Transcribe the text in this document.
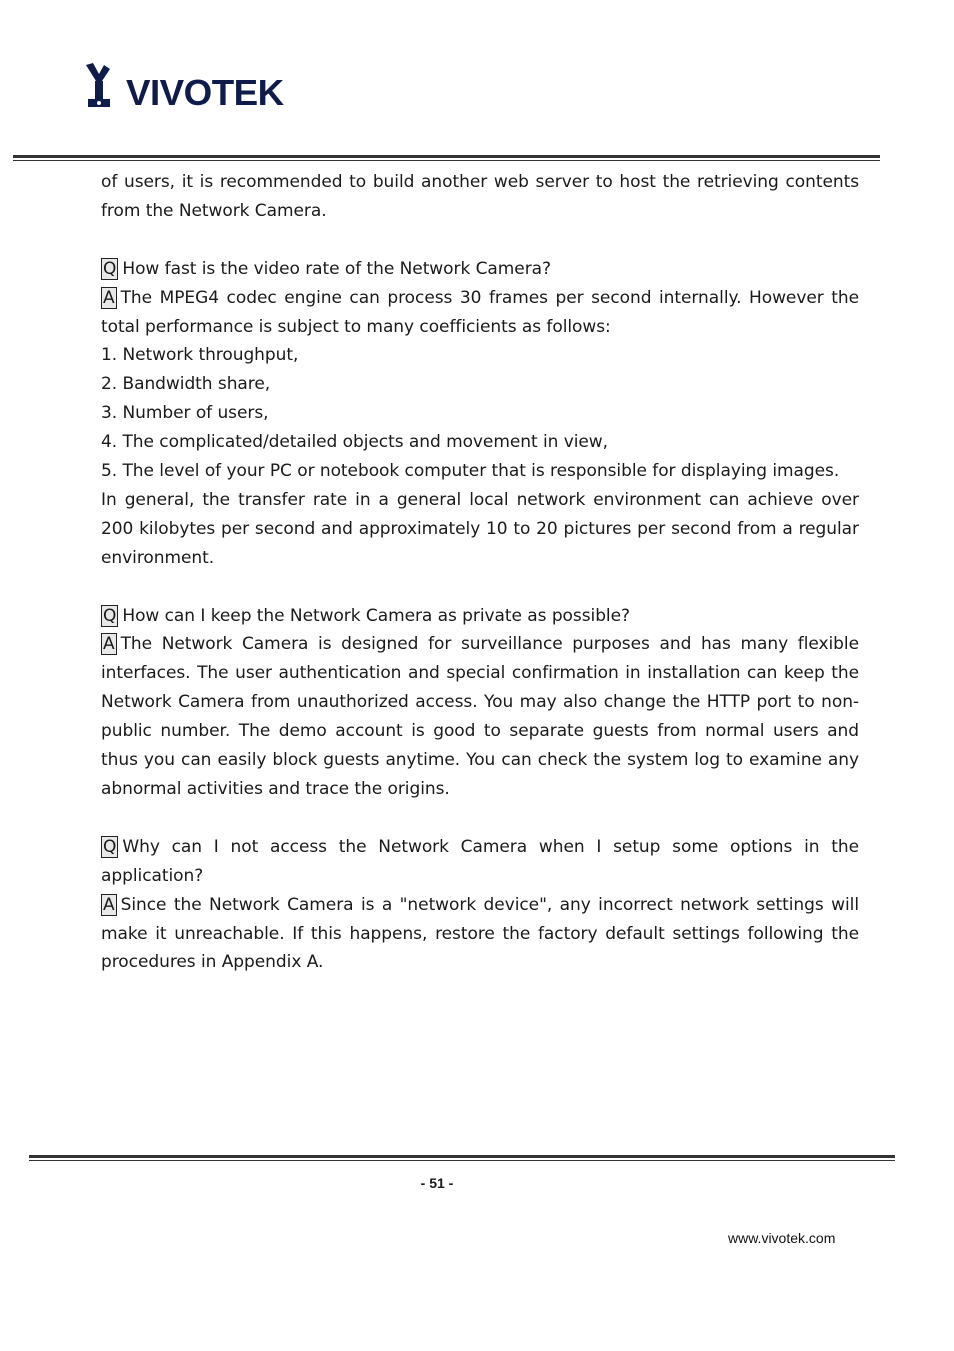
VIVOTEK

of users, it is recommended to build another web server to host the retrieving contents from the Network Camera.

Q How fast is the video rate of the Network Camera?

A The MPEG4 codec engine can process 30 frames per second internally. However the total performance is subject to many coefficients as follows:

1. Network throughput,

2. Bandwidth share,

3. Number of users,

4. The complicated/detailed objects and movement in view,

5. The level of your PC or notebook computer that is responsible for displaying images.

In general, the transfer rate in a general local network environment can achieve over 200 kilobytes per second and approximately 10 to 20 pictures per second from a regular environment.

Q How can I keep the Network Camera as private as possible?

A The Network Camera is designed for surveillance purposes and has many flexible interfaces. The user authentication and special confirmation in installation can keep the Network Camera from unauthorized access. You may also change the HTTP port to non-public number. The demo account is good to separate guests from normal users and thus you can easily block guests anytime. You can check the system log to examine any abnormal activities and trace the origins.

Q Why can I not access the Network Camera when I setup some options in the application?

A Since the Network Camera is a "network device", any incorrect network settings will make it unreachable. If this happens, restore the factory default settings following the procedures in Appendix A.

- 51 -
www.vivotek.com
